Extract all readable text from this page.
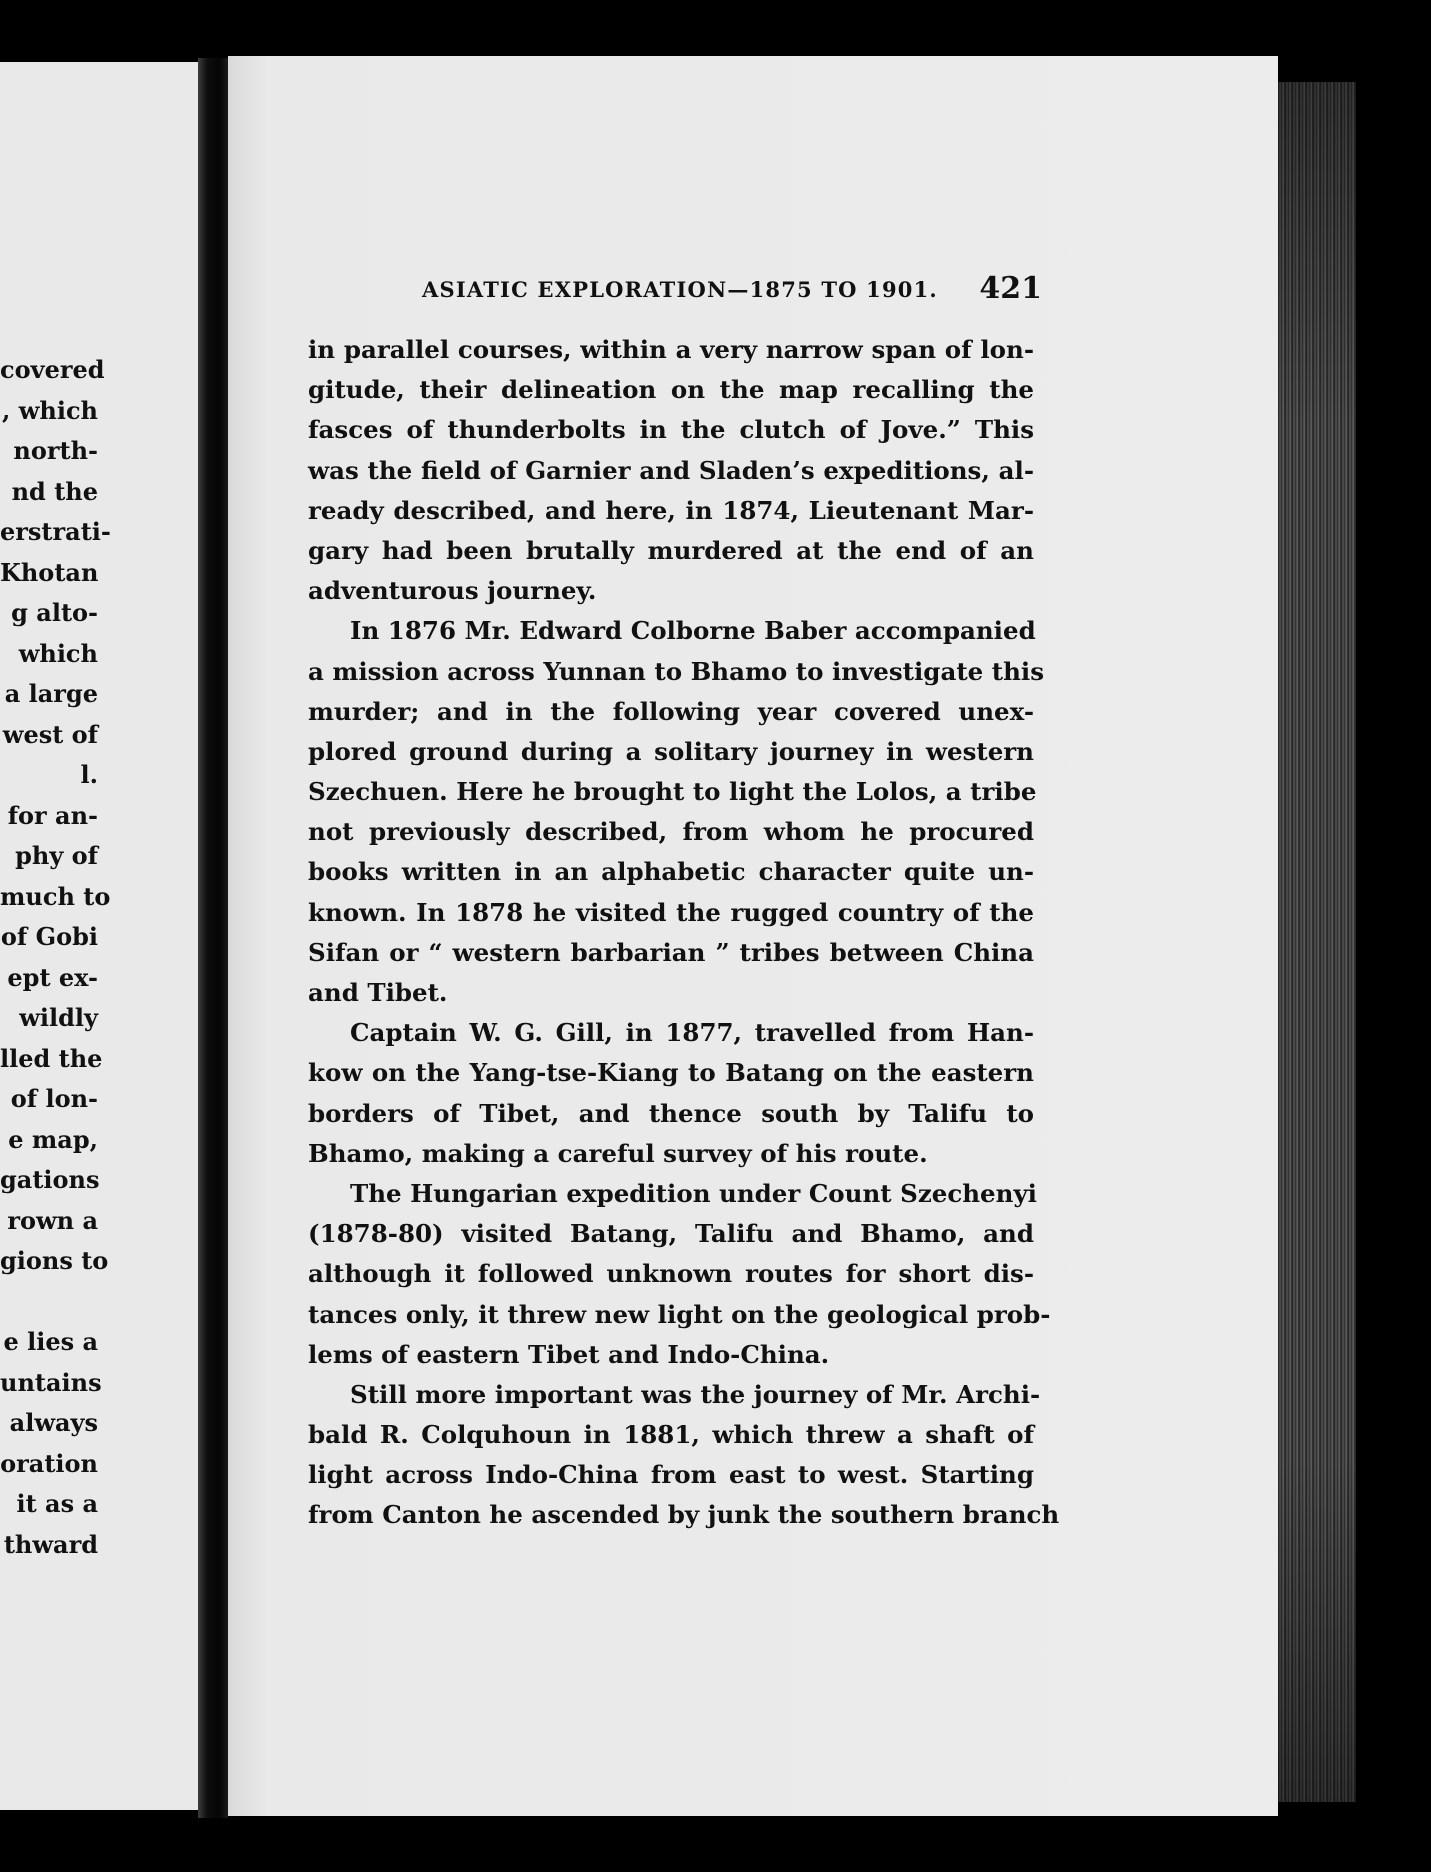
covered
, which
north-
nd the
erstrati-
Khotan
g alto-
which
a large
west of
l.
for an-
phy of
much to
of Gobi
ept ex-
wildly
lled the
of lon-
e map,
gations
rown a
gions to
e lies a
untains
always
oration
it as a
thward
ASIATIC EXPLORATION—1875 TO 1901. 421
in parallel courses, within a very narrow span of lon-
gitude, their delineation on the map recalling the
fasces of thunderbolts in the clutch of Jove.” This
was the field of Garnier and Sladen’s expeditions, al-
ready described, and here, in 1874, Lieutenant Mar-
gary had been brutally murdered at the end of an
adventurous journey.
In 1876 Mr. Edward Colborne Baber accompanied
a mission across Yunnan to Bhamo to investigate this
murder; and in the following year covered unex-
plored ground during a solitary journey in western
Szechuen. Here he brought to light the Lolos, a tribe
not previously described, from whom he procured
books written in an alphabetic character quite un-
known. In 1878 he visited the rugged country of the
Sifan or “ western barbarian ” tribes between China
and Tibet.
Captain W. G. Gill, in 1877, travelled from Han-
kow on the Yang-tse-Kiang to Batang on the eastern
borders of Tibet, and thence south by Talifu to
Bhamo, making a careful survey of his route.
The Hungarian expedition under Count Szechenyi
(1878-80) visited Batang, Talifu and Bhamo, and
although it followed unknown routes for short dis-
tances only, it threw new light on the geological prob-
lems of eastern Tibet and Indo-China.
Still more important was the journey of Mr. Archi-
bald R. Colquhoun in 1881, which threw a shaft of
light across Indo-China from east to west. Starting
from Canton he ascended by junk the southern branch
